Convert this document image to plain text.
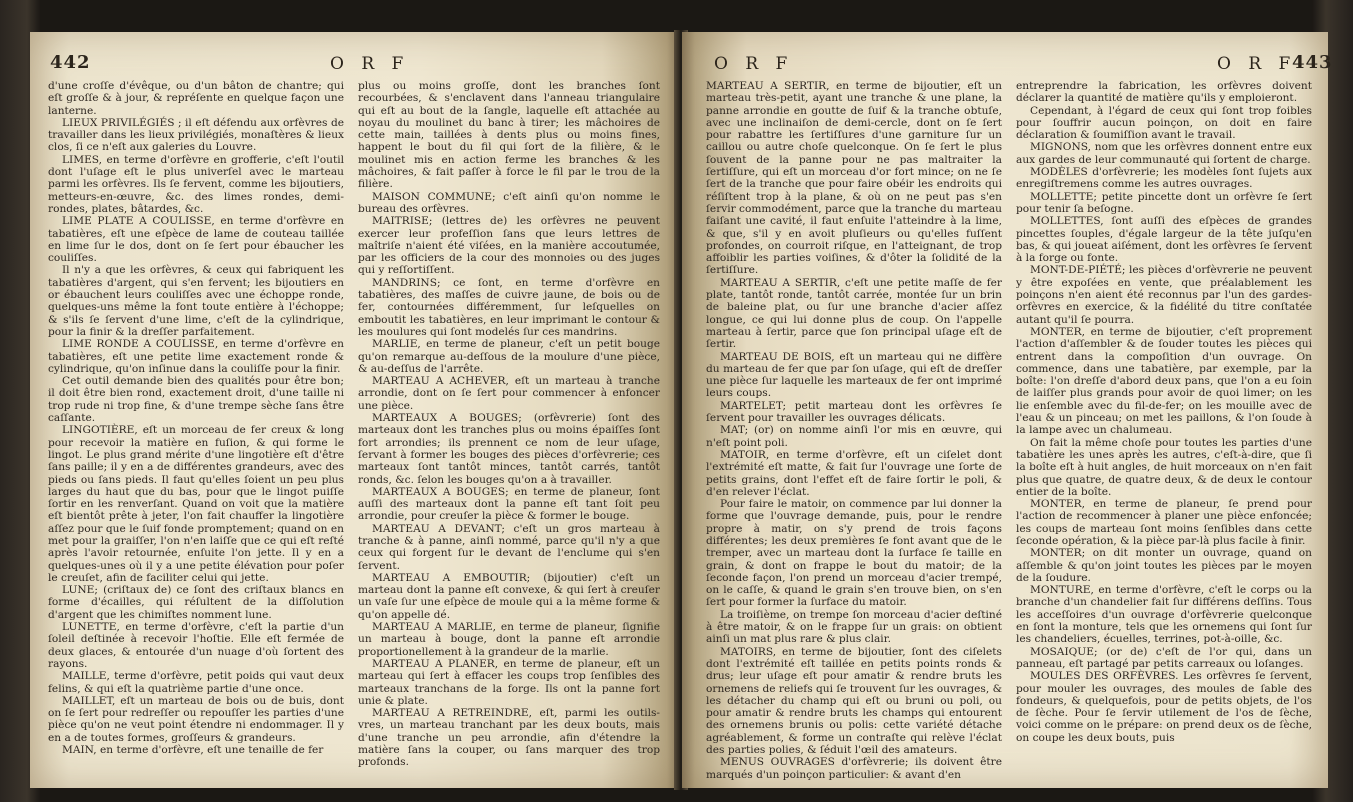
442	O R F

d'une croſſe d'évêque, ou d'un bâton de chantre; qui eſt groſſe & à jour, & repréſente en quelque façon une lanterne.

LIEUX PRIVILÉGIÉS ; il eſt défendu aux orfèvres de travailler dans les lieux privilégiés, monaſtères & lieux clos, ſi ce n'eſt aux galeries du Louvre.

LIMES, en terme d'orfèvre en grofferie, c'eſt l'outil dont l'uſage eſt le plus univerſel avec le marteau parmi les orfèvres. Ils ſe fervent, comme les bijoutiers, metteurs-en-œuvre, &c. des limes rondes, demi-rondes, plates, bâtardes, &c.

LIME PLATE A COULISSE, en terme d'orfèvre en tabatières, eſt une eſpèce de lame de couteau taillée en lime ſur le dos, dont on ſe ſert pour ébaucher les couliſſes.

Il n'y a que les orfèvres, & ceux qui fabriquent les tabatières d'argent, qui s'en fervent; les bijoutiers en or ébauchent leurs couliſſes avec une échoppe ronde, quelques-uns même la font toute entière à l'échoppe; & s'ils ſe ſervent d'une lime, c'eſt de la cylindrique, pour la finir & la dreſſer parfaitement.

LIME RONDE A COULISSE, en terme d'orfèvre en tabatières, eſt une petite lime exactement ronde & cylindrique, qu'on inſinue dans la couliſſe pour la finir.

Cet outil demande bien des qualités pour être bon; il doit être bien rond, exactement droit, d'une taille ni trop rude ni trop fine, & d'une trempe sèche ſans être caſſante.

LINGOTIÈRE, eſt un morceau de fer creux & long pour recevoir la matière en fuſion, & qui forme le lingot. Le plus grand mérite d'une lingotière eſt d'être ſans paille; il y en a de différentes grandeurs, avec des pieds ou ſans pieds. Il faut qu'elles ſoient un peu plus larges du haut que du bas, pour que le lingot puiſſe ſortir en les renverſant. Quand on voit que la matière eſt bientôt prête à jeter, l'on fait chauffer la lingotière aſſez pour que le ſuif fonde promptement; quand on en met pour la graiſſer, l'on n'en laiſſe que ce qui eſt reſté après l'avoir retournée, enſuite l'on jette. Il y en a quelques-unes où il y a une petite élévation pour poſer le creuſet, afin de faciliter celui qui jette.

LUNE; (criſtaux de) ce ſont des criſtaux blancs en forme d'écailles, qui réſultent de la diſſolution d'argent que les chimiſtes nomment lune.

LUNETTE, en terme d'orfèvre, c'eſt la partie d'un ſoleil deſtinée à recevoir l'hoſtie. Elle eſt fermée de deux glaces, & entourée d'un nuage d'où ſortent des rayons.

MAILLE, terme d'orfèvre, petit poids qui vaut deux felins, & qui eſt la quatrième partie d'une once.

MAILLET, eſt un marteau de bois ou de buis, dont on ſe ſert pour redreſſer ou repouſſer les parties d'une pièce qu'on ne veut point étendre ni endommager. Il y en a de toutes formes, groſſeurs & grandeurs.

MAIN, en terme d'orfèvre, eſt une tenaille de fer

plus ou moins groſſe, dont les branches ſont recourbées, & s'enclavent dans l'anneau triangulaire qui eſt au bout de la ſangle, laquelle eſt attachée au noyau du moulinet du banc à tirer; les mâchoires de cette main, taillées à dents plus ou moins fines, happent le bout du fil qui ſort de la filière, & le moulinet mis en action ferme les branches & les mâchoires, & fait paſſer à force le fil par le trou de la filière.

MAISON COMMUNE; c'eſt ainſi qu'on nomme le bureau des orfèvres.

MAITRISE; (lettres de) les orfèvres ne peuvent exercer leur profeſſion ſans que leurs lettres de maîtriſe n'aient été viſées, en la manière accoutumée, par les officiers de la cour des monnoies ou des juges qui y reſſortiſſent.

MANDRINS; ce ſont, en terme d'orfèvre en tabatières, des maſſes de cuivre jaune, de bois ou de fer, contournées différemment, ſur leſquelles on emboutit les tabatières, en leur imprimant le contour & les moulures qui ſont modelés ſur ces mandrins.

MARLIE, en terme de planeur, c'eſt un petit bouge qu'on remarque au-deſſous de la moulure d'une pièce, & au-deſſus de l'arrête.

MARTEAU A ACHEVER, eſt un marteau à tranche arrondie, dont on ſe ſert pour commencer à enfoncer une pièce.

MARTEAUX A BOUGES; (orfèvrerie) ſont des marteaux dont les tranches plus ou moins épaiſſes ſont fort arrondies; ils prennent ce nom de leur uſage, ſervant à former les bouges des pièces d'orfèvrerie; ces marteaux ſont tantôt minces, tantôt carrés, tantôt ronds, &c. ſelon les bouges qu'on a à travailler.

MARTEAUX A BOUGES; en terme de planeur, ſont auſſi des marteaux dont la panne eſt tant ſoit peu arrondie, pour creuſer la pièce & former le bouge.

MARTEAU A DEVANT; c'eſt un gros marteau à tranche & à panne, ainſi nommé, parce qu'il n'y a que ceux qui forgent ſur le devant de l'enclume qui s'en ſervent.

MARTEAU A EMBOUTIR; (bijoutier) c'eſt un marteau dont la panne eſt convexe, & qui ſert à creuſer un vaſe ſur une eſpèce de moule qui a la même forme & qu'on appelle dé.

MARTEAU A MARLIE, en terme de planeur, ſignifie un marteau à bouge, dont la panne eſt arrondie proportionellement à la grandeur de la marlie.

MARTEAU A PLANER, en terme de planeur, eſt un marteau qui ſert à effacer les coups trop ſenſibles des marteaux tranchans de la forge. Ils ont la panne fort unie & plate.

MARTEAU A RETREINDRE, eſt, parmi les outils-vres, un marteau tranchant par les deux bouts, mais d'une tranche un peu arrondie, afin d'étendre la matière ſans la couper, ou ſans marquer des trop profonds.

O R F	O R F
443

MARTEAU A SERTIR, en terme de bijoutier, eſt un marteau très-petit, ayant une tranche & une plane, la panne arrondie en goutte de ſuif & la tranche obtuſe, avec une inclinaiſon de demi-cercle, dont on ſe ſert pour rabattre les ſertiſſures d'une garniture ſur un caillou ou autre choſe quelconque. On ſe ſert le plus ſouvent de la panne pour ne pas maltraiter la ſertiſſure, qui eſt un morceau d'or fort mince; on ne ſe ſert de la tranche que pour faire obéir les endroits qui réſiſtent trop à la plane, & où on ne peut pas s'en ſervir commodément, parce que la tranche du marteau faiſant une cavité, il faut enſuite l'atteindre à la lime, & que, s'il y en avoit pluſieurs ou qu'elles fuſſent profondes, on courroit riſque, en l'atteignant, de trop affoiblir les parties voiſines, & d'ôter la ſolidité de la ſertiſſure.

MARTEAU A SERTIR, c'eſt une petite maſſe de fer plate, tantôt ronde, tantôt carrée, montée ſur un brin de baleine plat, ou ſur une branche d'acier aſſez longue, ce qui lui donne plus de coup. On l'appelle marteau à ſertir, parce que ſon principal uſage eſt de ſertir.

MARTEAU DE BOIS, eſt un marteau qui ne diffère du marteau de fer que par ſon uſage, qui eſt de dreſſer une pièce ſur laquelle les marteaux de fer ont imprimé leurs coups.

MARTELET; petit marteau dont les orfèvres ſe ſervent pour travailler les ouvrages délicats.

MAT; (or) on nomme ainſi l'or mis en œuvre, qui n'eſt point poli.

MATOIR, en terme d'orfèvre, eſt un ciſelet dont l'extrémité eſt matte, & fait ſur l'ouvrage une ſorte de petits grains, dont l'effet eſt de faire ſortir le poli, & d'en relever l'éclat.

Pour faire le matoir, on commence par lui donner la forme que l'ouvrage demande, puis, pour le rendre propre à matir, on s'y prend de trois façons différentes; les deux premières ſe font avant que de le tremper, avec un marteau dont la ſurface ſe taille en grain, & dont on frappe le bout du matoir; de la ſeconde façon, l'on prend un morceau d'acier trempé, on le caſſe, & quand le grain s'en trouve bien, on s'en ſert pour former la ſurface du matoir.

La troiſième, on trempe ſon morceau d'acier deſtiné à être matoir, & on le frappe ſur un grais: on obtient ainſi un mat plus rare & plus clair.

MATOIRS, en terme de bijoutier, ſont des ciſelets dont l'extrémité eſt taillée en petits points ronds & drus; leur uſage eſt pour amatir & rendre bruts les ornemens de reliefs qui ſe trouvent ſur les ouvrages, & les détacher du champ qui eſt ou bruni ou poli, ou pour amatir & rendre bruts les champs qui entourent des ornemens brunis ou polis: cette variété détache agréablement, & forme un contraſte qui relève l'éclat des parties polies, & ſéduit l'œil des amateurs.

MENUS OUVRAGES d'orfèvrerie; ils doivent être marqués d'un poinçon particulier: & avant d'en

entreprendre la fabrication, les orfèvres doivent déclarer la quantité de matière qu'ils y emploieront.

Cependant, à l'égard de ceux qui ſont trop foibles pour ſouffrir aucun poinçon, on doit en faire déclaration & ſoumiſſion avant le travail.

MIGNONS, nom que les orfèvres donnent entre eux aux gardes de leur communauté qui ſortent de charge.

MODÈLES d'orfèvrerie; les modèles ſont ſujets aux enregiſtremens comme les autres ouvrages.

MOLLETTE; petite pincette dont un orfèvre ſe ſert pour tenir ſa beſogne.

MOLLETTES, ſont auſſi des eſpèces de grandes pincettes ſouples, d'égale largeur de la tête juſqu'en bas, & qui joueat aiſément, dont les orfèvres ſe ſervent à la forge ou fonte.

MONT-DE-PIÉTÉ; les pièces d'orfèvrerie ne peuvent y être expoſées en vente, que préalablement les poinçons n'en aient été reconnus par l'un des gardes-orfèvres en exercice, & la fidélité du titre conſtatée autant qu'il ſe pourra.

MONTER, en terme de bijoutier, c'eſt proprement l'action d'aſſembler & de ſouder toutes les pièces qui entrent dans la compoſition d'un ouvrage. On commence, dans une tabatière, par exemple, par la boîte: l'on dreſſe d'abord deux pans, que l'on a eu ſoin de laiſſer plus grands pour avoir de quoi limer; on les lie enſemble avec du fil-de-fer; on les mouille avec de l'eau & un pinceau; on met les paillons, & l'on ſoude à la lampe avec un chalumeau.

On fait la même choſe pour toutes les parties d'une tabatière les unes après les autres, c'eſt-à-dire, que ſi la boîte eſt à huit angles, de huit morceaux on n'en fait plus que quatre, de quatre deux, & de deux le contour entier de la boîte.

MONTER, en terme de planeur, ſe prend pour l'action de recommencer à planer une pièce enfoncée; les coups de marteau ſont moins ſenſibles dans cette ſeconde opération, & la pièce par-là plus facile à finir.

MONTER; on dit monter un ouvrage, quand on aſſemble & qu'on joint toutes les pièces par le moyen de la ſoudure.

MONTURE, en terme d'orfèvre, c'eſt le corps ou la branche d'un chandelier fait ſur différens deſſins. Tous les acceſſoires d'un ouvrage d'orfèvrerie quelconque en ſont la monture, tels que les ornemens qui ſont ſur les chandeliers, écuelles, terrines, pot-à-oille, &c.

MOSAIQUE; (or de) c'eſt de l'or qui, dans un panneau, eſt partagé par petits carreaux ou loſanges.

MOULES DES ORFÈVRES. Les orfèvres ſe ſervent, pour mouler les ouvrages, des moules de ſable des fondeurs, & quelquefois, pour de petits objets, de l'os de ſèche. Pour ſe ſervir utilement de l'os de ſèche, voici comme on le prépare: on prend deux os de ſèche, on coupe les deux bouts, puis
